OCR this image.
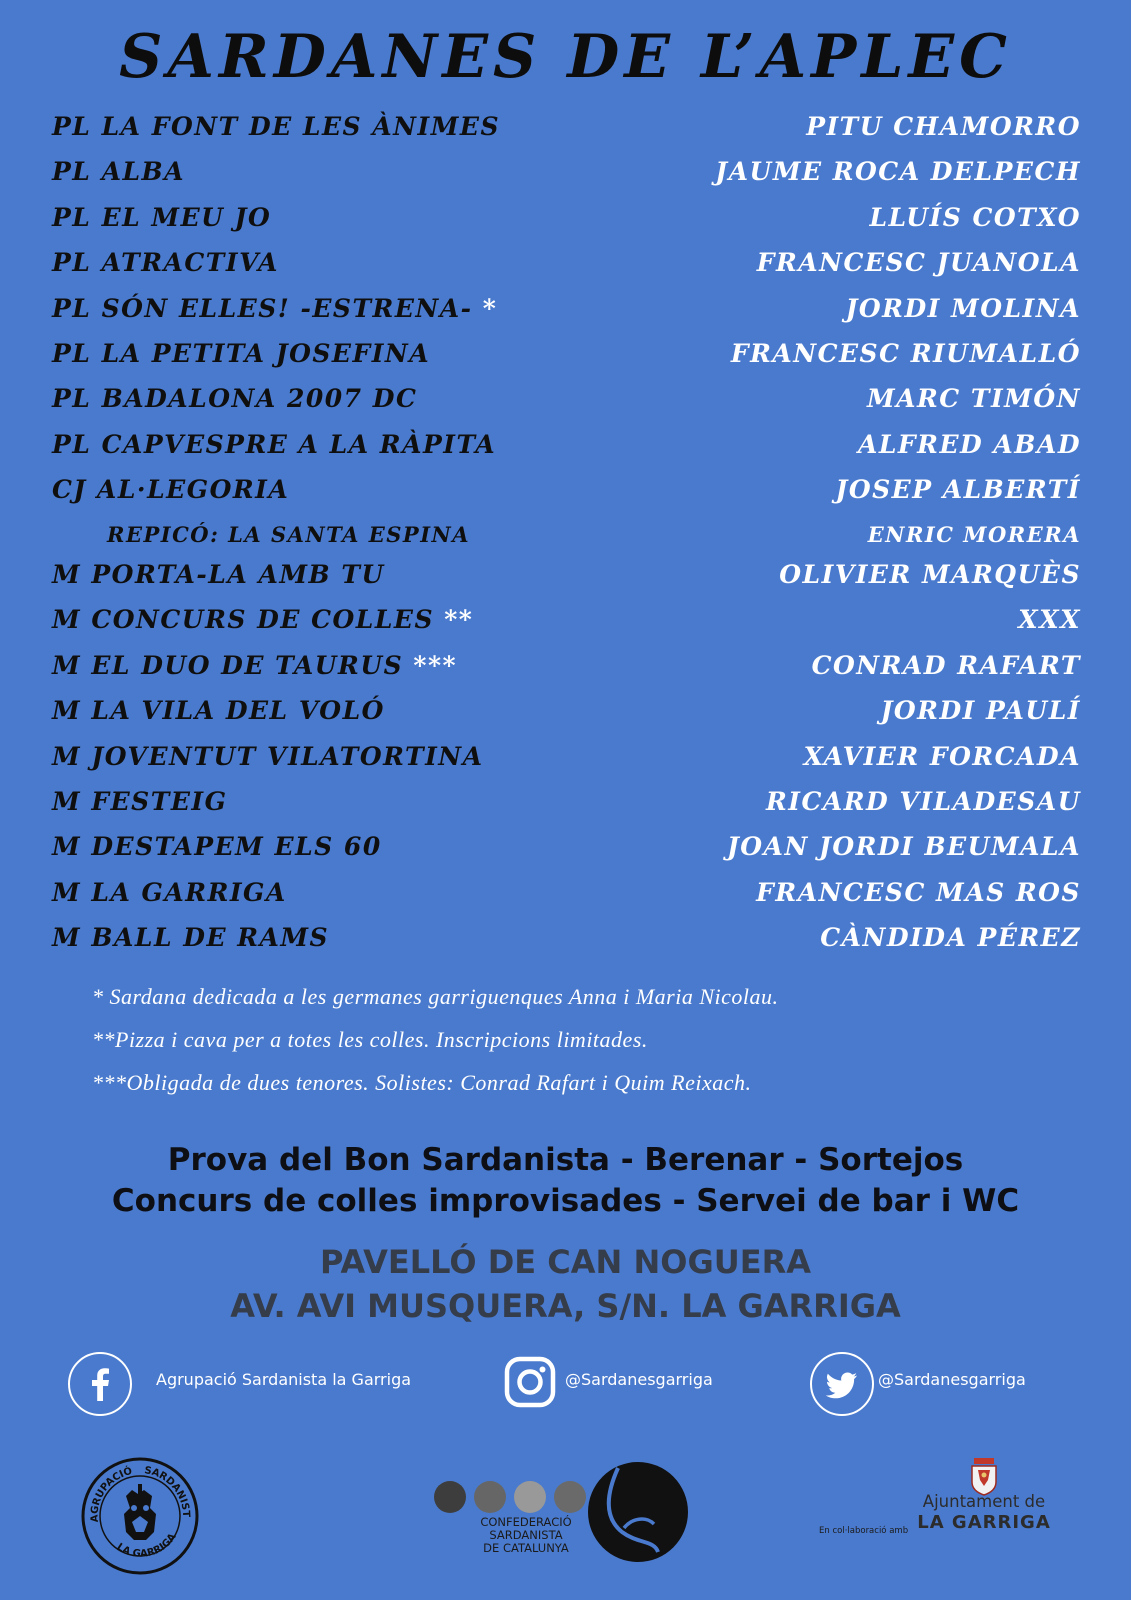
SARDANES DE L’APLEC
PL LA FONT DE LES ÀNIMES	PITU CHAMORRO
PL ALBA	JAUME ROCA DELPECH
PL EL MEU JO	LLUÍS COTXO
PL ATRACTIVA	FRANCESC JUANOLA
PL SÓN ELLES! -ESTRENA- *	JORDI MOLINA
PL LA PETITA JOSEFINA	FRANCESC RIUMALLÓ
PL BADALONA 2007 DC	MARC TIMÓN
PL CAPVESPRE A LA RÀPITA	ALFRED ABAD
CJ AL·LEGORIA	JOSEP ALBERTÍ
REPICÓ: LA SANTA ESPINA	ENRIC MORERA
M PORTA-LA AMB TU	OLIVIER MARQUÈS
M CONCURS DE COLLES **	XXX
M EL DUO DE TAURUS ***	CONRAD RAFART
M LA VILA DEL VOLÓ	JORDI PAULÍ
M JOVENTUT VILATORTINA	XAVIER FORCADA
M FESTEIG	RICARD VILADESAU
M DESTAPEM ELS 60	JOAN JORDI BEUMALA
M LA GARRIGA	FRANCESC MAS ROS
M BALL DE RAMS	CÀNDIDA PÉREZ
* Sardana dedicada a les germanes garriguenques Anna i Maria Nicolau.
**Pizza i cava per a totes les colles. Inscripcions limitades.
***Obligada de dues tenores. Solistes: Conrad Rafart i Quim Reixach.
Prova del Bon Sardanista - Berenar - Sortejos
Concurs de colles improvisades - Servei de bar i WC
PAVELLÓ DE CAN NOGUERA
AV. AVI MUSQUERA, S/N. LA GARRIGA
Agrupació Sardanista la Garriga	@Sardanesgarriga	@Sardanesgarriga
AGRUPACIÓ SARDANIST
LA GARRIGA
CONFEDERACIÓ
SARDANISTA
DE CATALUNYA
En col·laboració amb
Ajuntament de
LA GARRIGA
